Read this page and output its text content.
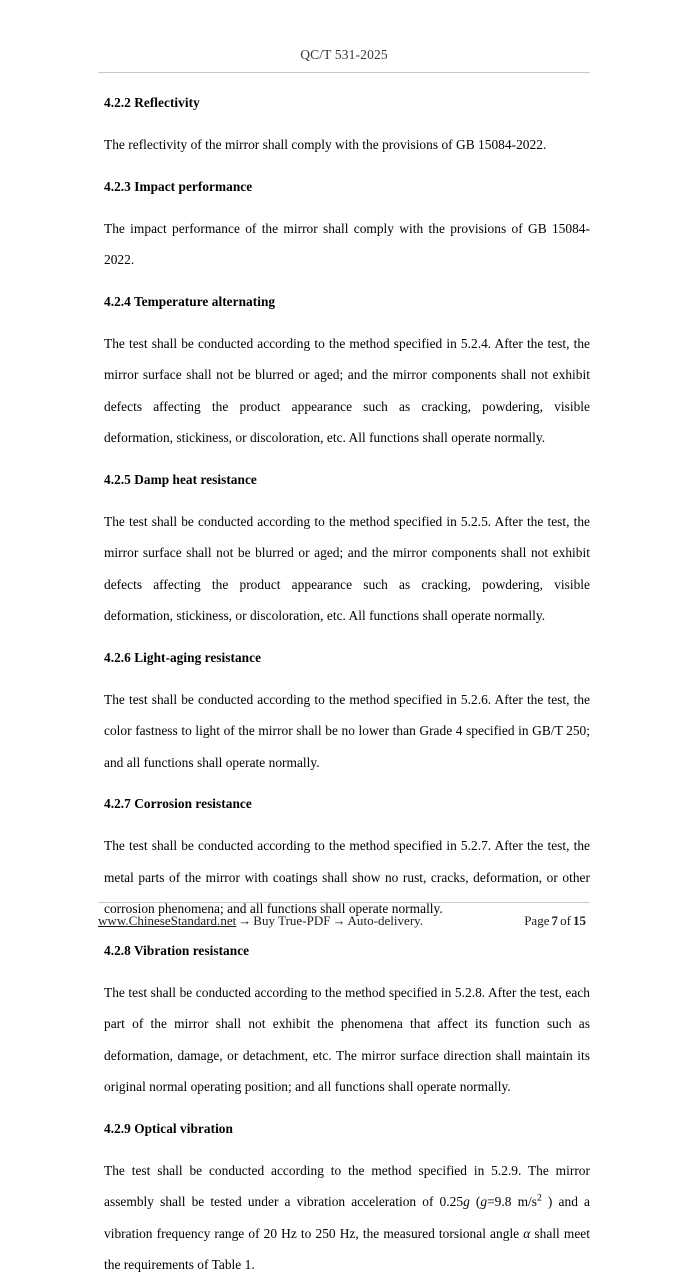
QC/T 531-2025
4.2.2 Reflectivity

The reflectivity of the mirror shall comply with the provisions of GB 15084-2022.

4.2.3 Impact performance

The impact performance of the mirror shall comply with the provisions of GB 15084-2022.

4.2.4 Temperature alternating

The test shall be conducted according to the method specified in 5.2.4. After the test, the mirror surface shall not be blurred or aged; and the mirror components shall not exhibit defects affecting the product appearance such as cracking, powdering, visible deformation, stickiness, or discoloration, etc. All functions shall operate normally.

4.2.5 Damp heat resistance

The test shall be conducted according to the method specified in 5.2.5. After the test, the mirror surface shall not be blurred or aged; and the mirror components shall not exhibit defects affecting the product appearance such as cracking, powdering, visible deformation, stickiness, or discoloration, etc. All functions shall operate normally.

4.2.6 Light-aging resistance

The test shall be conducted according to the method specified in 5.2.6. After the test, the color fastness to light of the mirror shall be no lower than Grade 4 specified in GB/T 250; and all functions shall operate normally.

4.2.7 Corrosion resistance

The test shall be conducted according to the method specified in 5.2.7. After the test, the metal parts of the mirror with coatings shall show no rust, cracks, deformation, or other corrosion phenomena; and all functions shall operate normally.

4.2.8 Vibration resistance

The test shall be conducted according to the method specified in 5.2.8. After the test, each part of the mirror shall not exhibit the phenomena that affect its function such as deformation, damage, or detachment, etc. The mirror surface direction shall maintain its original normal operating position; and all functions shall operate normally.

4.2.9 Optical vibration

The test shall be conducted according to the method specified in 5.2.9. The mirror assembly shall be tested under a vibration acceleration of 0.25g (g=9.8 $m/s^2$ ) and a vibration frequency range of 20 Hz to 250 Hz, the measured torsional angle α shall meet the requirements of Table 1.

www.ChineseStandard.net → Buy True-PDF → Auto-delivery.	Page 7 of 15
